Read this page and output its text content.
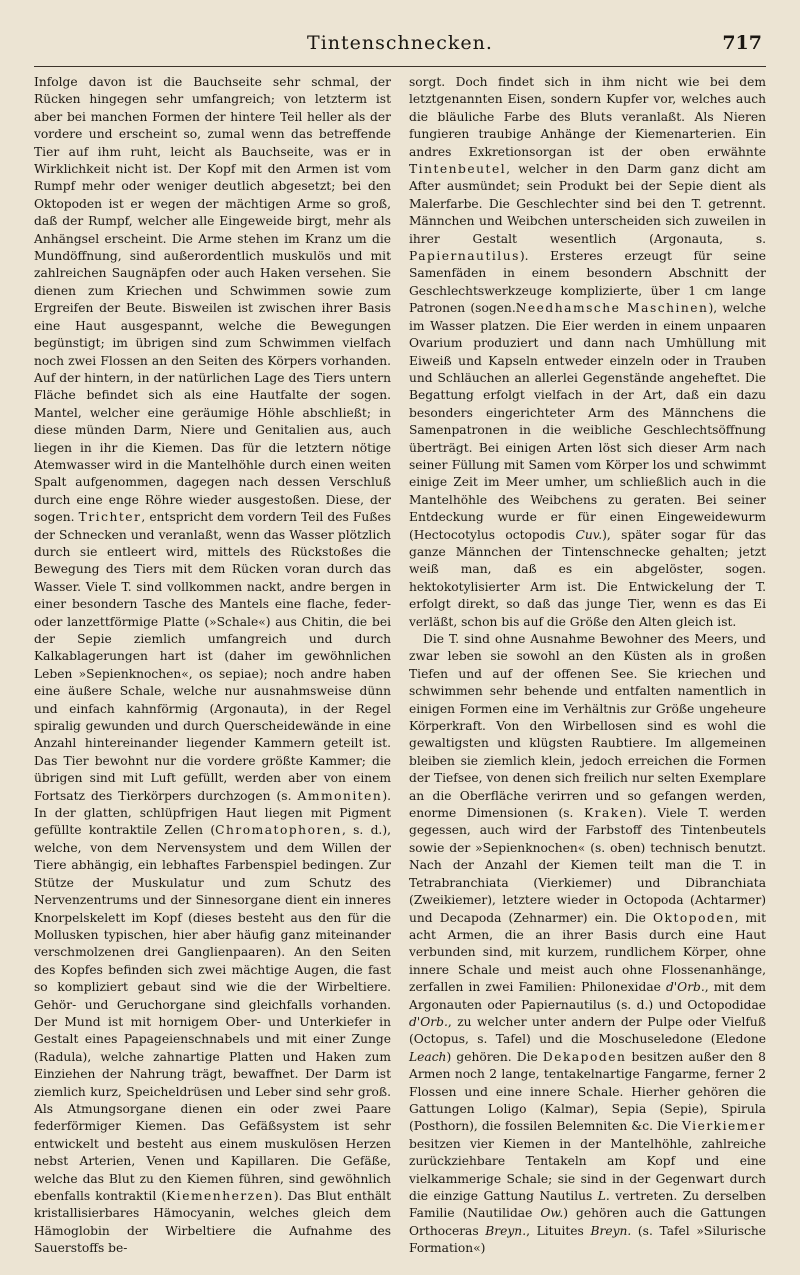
Tintenschnecken.	717

Infolge davon ist die Bauchseite sehr schmal, der Rücken hingegen sehr umfangreich; von letzterm ist aber bei manchen Formen der hintere Teil heller als der vordere und erscheint so, zumal wenn das betreffende Tier auf ihm ruht, leicht als Bauchseite, was er in Wirklichkeit nicht ist. Der Kopf mit den Armen ist vom Rumpf mehr oder weniger deutlich abgesetzt; bei den Oktopoden ist er wegen der mächtigen Arme so groß, daß der Rumpf, welcher alle Eingeweide birgt, mehr als Anhängsel erscheint. Die Arme stehen im Kranz um die Mundöffnung, sind außerordentlich muskulös und mit zahlreichen Saugnäpfen oder auch Haken versehen. Sie dienen zum Kriechen und Schwimmen sowie zum Ergreifen der Beute. Bisweilen ist zwischen ihrer Basis eine Haut ausgespannt, welche die Bewegungen begünstigt; im übrigen sind zum Schwimmen vielfach noch zwei Flossen an den Seiten des Körpers vorhanden. Auf der hintern, in der natürlichen Lage des Tiers untern Fläche befindet sich als eine Hautfalte der sogen. Mantel, welcher eine geräumige Höhle abschließt; in diese münden Darm, Niere und Genitalien aus, auch liegen in ihr die Kiemen. Das für die letztern nötige Atemwasser wird in die Mantelhöhle durch einen weiten Spalt aufgenommen, dagegen nach dessen Verschluß durch eine enge Röhre wieder ausgestoßen. Diese, der sogen. Trichter, entspricht dem vordern Teil des Fußes der Schnecken und veranlaßt, wenn das Wasser plötzlich durch sie entleert wird, mittels des Rückstoßes die Bewegung des Tiers mit dem Rücken voran durch das Wasser. Viele T. sind vollkommen nackt, andre bergen in einer besondern Tasche des Mantels eine flache, feder- oder lanzettförmige Platte (»Schale«) aus Chitin, die bei der Sepie ziemlich umfangreich und durch Kalkablagerungen hart ist (daher im gewöhnlichen Leben »Sepienknochen«, os sepiae); noch andre haben eine äußere Schale, welche nur ausnahmsweise dünn und einfach kahnförmig (Argonauta), in der Regel spiralig gewunden und durch Querscheidewände in eine Anzahl hintereinander liegender Kammern geteilt ist. Das Tier bewohnt nur die vordere größte Kammer; die übrigen sind mit Luft gefüllt, werden aber von einem Fortsatz des Tierkörpers durchzogen (s. Ammoniten). In der glatten, schlüpfrigen Haut liegen mit Pigment gefüllte kontraktile Zellen (Chromatophoren, s. d.), welche, von dem Nervensystem und dem Willen der Tiere abhängig, ein lebhaftes Farbenspiel bedingen. Zur Stütze der Muskulatur und zum Schutz des Nervenzentrums und der Sinnesorgane dient ein inneres Knorpelskelett im Kopf (dieses besteht aus den für die Mollusken typischen, hier aber häufig ganz miteinander verschmolzenen drei Ganglienpaaren). An den Seiten des Kopfes befinden sich zwei mächtige Augen, die fast so kompliziert gebaut sind wie die der Wirbeltiere. Gehör- und Geruchorgane sind gleichfalls vorhanden. Der Mund ist mit hornigem Ober- und Unterkiefer in Gestalt eines Papageienschnabels und mit einer Zunge (Radula), welche zahnartige Platten und Haken zum Einziehen der Nahrung trägt, bewaffnet. Der Darm ist ziemlich kurz, Speicheldrüsen und Leber sind sehr groß. Als Atmungsorgane dienen ein oder zwei Paare federförmiger Kiemen. Das Gefäßsystem ist sehr entwickelt und besteht aus einem muskulösen Herzen nebst Arterien, Venen und Kapillaren. Die Gefäße, welche das Blut zu den Kiemen führen, sind gewöhnlich ebenfalls kontraktil (Kiemenherzen). Das Blut enthält kristallisierbares Hämocyanin, welches gleich dem Hämoglobin der Wirbeltiere die Aufnahme des Sauerstoffs be-

sorgt. Doch findet sich in ihm nicht wie bei dem letztgenannten Eisen, sondern Kupfer vor, welches auch die bläuliche Farbe des Bluts veranlaßt. Als Nieren fungieren traubige Anhänge der Kiemenarterien. Ein andres Exkretionsorgan ist der oben erwähnte Tintenbeutel, welcher in den Darm ganz dicht am After ausmündet; sein Produkt bei der Sepie dient als Malerfarbe. Die Geschlechter sind bei den T. getrennt. Männchen und Weibchen unterscheiden sich zuweilen in ihrer Gestalt wesentlich (Argonauta, s. Papiernautilus). Ersteres erzeugt für seine Samenfäden in einem besondern Abschnitt der Geschlechtswerkzeuge komplizierte, über 1 cm lange Patronen (sogen.Needhamsche Maschinen), welche im Wasser platzen. Die Eier werden in einem unpaaren Ovarium produziert und dann nach Umhüllung mit Eiweiß und Kapseln entweder einzeln oder in Trauben und Schläuchen an allerlei Gegenstände angeheftet. Die Begattung erfolgt vielfach in der Art, daß ein dazu besonders eingerichteter Arm des Männchens die Samenpatronen in die weibliche Geschlechtsöffnung überträgt. Bei einigen Arten löst sich dieser Arm nach seiner Füllung mit Samen vom Körper los und schwimmt einige Zeit im Meer umher, um schließlich auch in die Mantelhöhle des Weibchens zu geraten. Bei seiner Entdeckung wurde er für einen Eingeweidewurm (Hectocotylus octopodis Cuv.), später sogar für das ganze Männchen der Tintenschnecke gehalten; jetzt weiß man, daß es ein abgelöster, sogen. hektokotylisierter Arm ist. Die Entwickelung der T. erfolgt direkt, so daß das junge Tier, wenn es das Ei verläßt, schon bis auf die Größe den Alten gleich ist.

Die T. sind ohne Ausnahme Bewohner des Meers, und zwar leben sie sowohl an den Küsten als in großen Tiefen und auf der offenen See. Sie kriechen und schwimmen sehr behende und entfalten namentlich in einigen Formen eine im Verhältnis zur Größe ungeheure Körperkraft. Von den Wirbellosen sind es wohl die gewaltigsten und klügsten Raubtiere. Im allgemeinen bleiben sie ziemlich klein, jedoch erreichen die Formen der Tiefsee, von denen sich freilich nur selten Exemplare an die Oberfläche verirren und so gefangen werden, enorme Dimensionen (s. Kraken). Viele T. werden gegessen, auch wird der Farbstoff des Tintenbeutels sowie der »Sepienknochen« (s. oben) technisch benutzt. Nach der Anzahl der Kiemen teilt man die T. in Tetrabranchiata (Vierkiemer) und Dibranchiata (Zweikiemer), letztere wieder in Octopoda (Achtarmer) und Decapoda (Zehnarmer) ein. Die Oktopoden, mit acht Armen, die an ihrer Basis durch eine Haut verbunden sind, mit kurzem, rundlichem Körper, ohne innere Schale und meist auch ohne Flossenanhänge, zerfallen in zwei Familien: Philonexidae d'Orb., mit dem Argonauten oder Papiernautilus (s. d.) und Octopodidae d'Orb., zu welcher unter andern der Pulpe oder Vielfuß (Octopus, s. Tafel) und die Moschuseledone (Eledone Leach) gehören. Die Dekapoden besitzen außer den 8 Armen noch 2 lange, tentakelnartige Fangarme, ferner 2 Flossen und eine innere Schale. Hierher gehören die Gattungen Loligo (Kalmar), Sepia (Sepie), Spirula (Posthorn), die fossilen Belemniten &c. Die Vierkiemer besitzen vier Kiemen in der Mantelhöhle, zahlreiche zurückziehbare Tentakeln am Kopf und eine vielkammerige Schale; sie sind in der Gegenwart durch die einzige Gattung Nautilus L. vertreten. Zu derselben Familie (Nautilidae Ow.) gehören auch die Gattungen Orthoceras Breyn., Lituites Breyn. (s. Tafel »Silurische Formation«)
